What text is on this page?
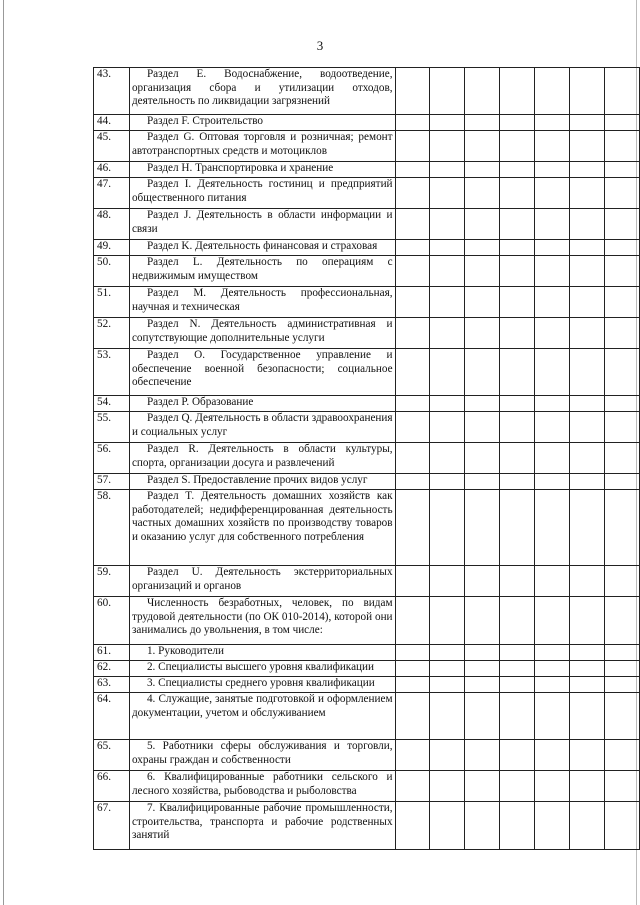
3
43.	Раздел E. Водоснабжение, водоотведение, организация сбора и утилизации отходов, деятельность по ликвидации загрязнений							
44.	Раздел F. Строительство							
45.	Раздел G. Оптовая торговля и розничная; ремонт автотранспортных средств и мотоциклов							
46.	Раздел H. Транспортировка и хранение							
47.	Раздел I. Деятельность гостиниц и предприятий общественного питания							
48.	Раздел J. Деятельность в области информации и связи							
49.	Раздел K. Деятельность финансовая и страховая							
50.	Раздел L. Деятельность по операциям с недвижимым имуществом							
51.	Раздел M. Деятельность профессиональная, научная и техническая							
52.	Раздел N. Деятельность административная и сопутствующие дополнительные услуги							
53.	Раздел O. Государственное управление и обеспечение военной безопасности; социальное обеспечение							
54.	Раздел P. Образование							
55.	Раздел Q. Деятельность в области здравоохранения и социальных услуг							
56.	Раздел R. Деятельность в области культуры, спорта, организации досуга и развлечений							
57.	Раздел S. Предоставление прочих видов услуг							
58.	Раздел T. Деятельность домашних хозяйств как работодателей; недифференцированная деятельность частных домашних хозяйств по производству товаров и оказанию услуг для собственного потребления							
59.	Раздел U. Деятельность экстерриториальных организаций и органов							
60.	Численность безработных, человек, по видам трудовой деятельности (по ОК 010-2014), которой они занимались до увольнения, в том числе:							
61.	1. Руководители							
62.	2. Специалисты высшего уровня квалификации							
63.	3. Специалисты среднего уровня квалификации							
64.	4. Служащие, занятые подготовкой и оформлением документации, учетом и обслуживанием							
65.	5. Работники сферы обслуживания и торговли, охраны граждан и собственности							
66.	6. Квалифицированные работники сельского и лесного хозяйства, рыбоводства и рыболовства							
67.	7. Квалифицированные рабочие промышленности, строительства, транспорта и рабочие родственных занятий							
